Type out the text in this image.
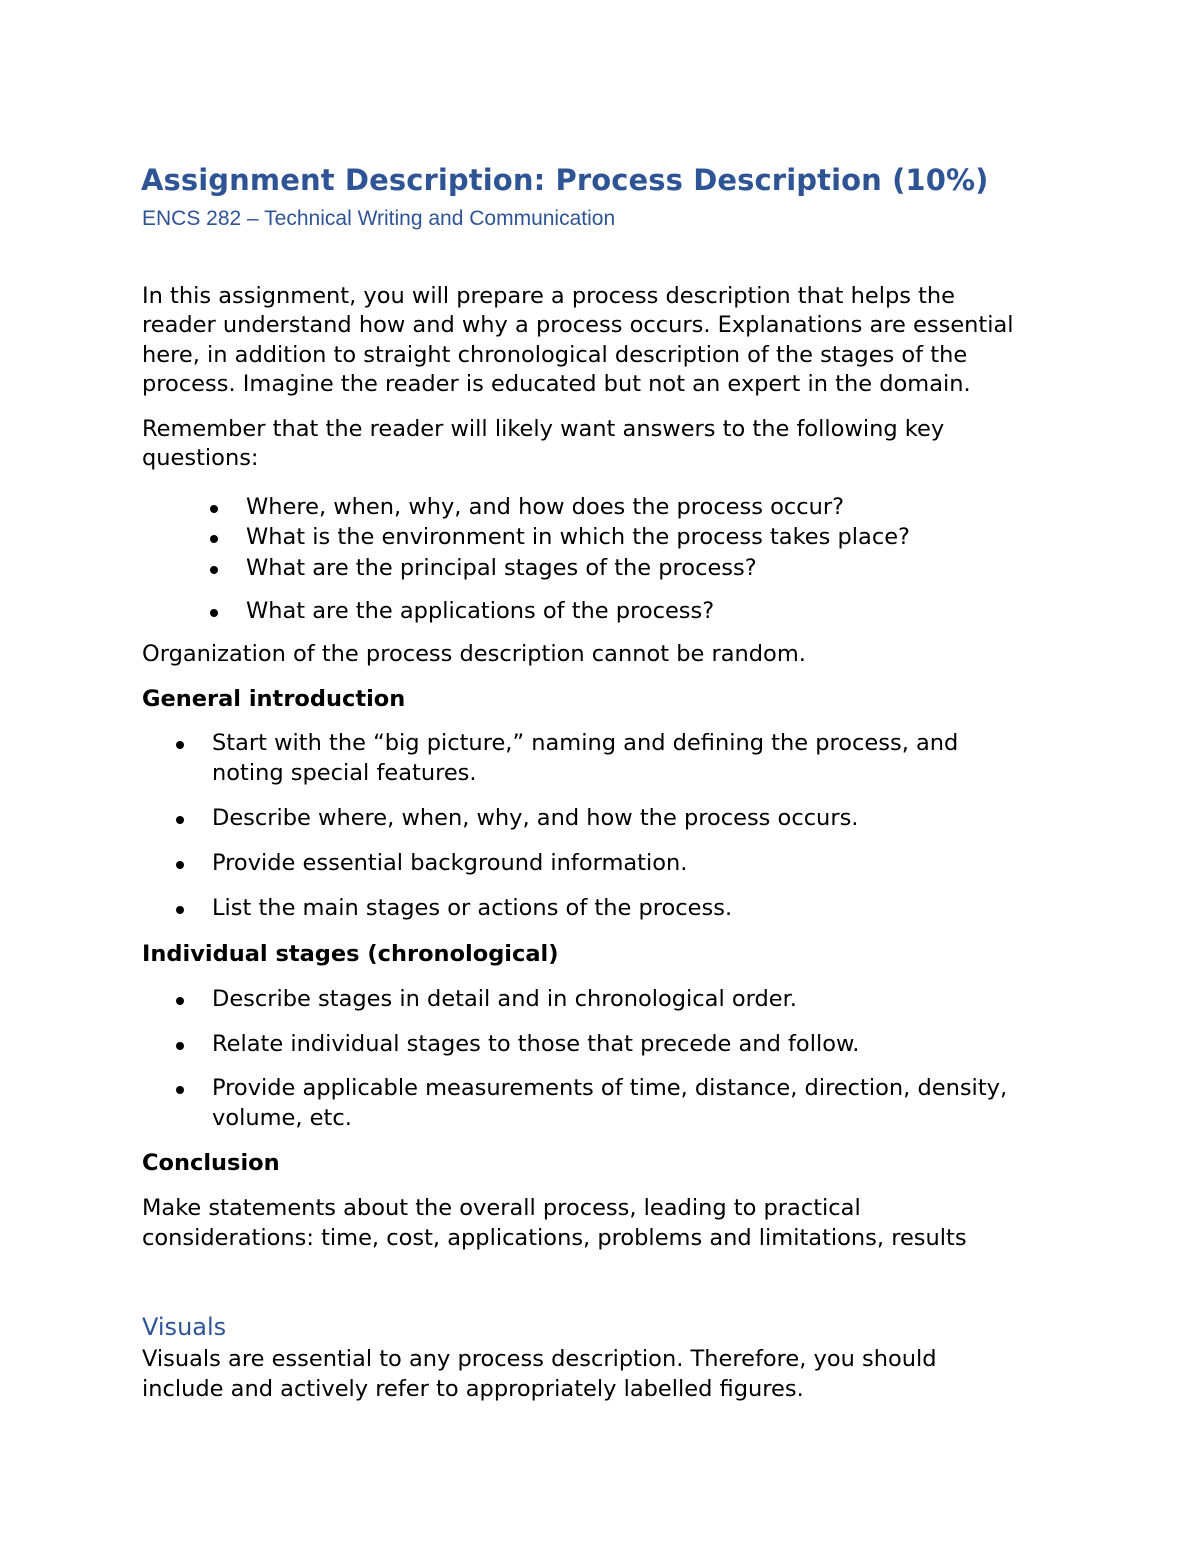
Assignment Description: Process Description (10%)
ENCS 282 – Technical Writing and Communication
In this assignment, you will prepare a process description that helps the
reader understand how and why a process occurs. Explanations are essential
here, in addition to straight chronological description of the stages of the
process. Imagine the reader is educated but not an expert in the domain.
Remember that the reader will likely want answers to the following key
questions:
Where, when, why, and how does the process occur?
What is the environment in which the process takes place?
What are the principal stages of the process?
What are the applications of the process?
Organization of the process description cannot be random.
General introduction
Start with the “big picture,” naming and defining the process, and
noting special features.
Describe where, when, why, and how the process occurs.
Provide essential background information.
List the main stages or actions of the process.
Individual stages (chronological)
Describe stages in detail and in chronological order.
Relate individual stages to those that precede and follow.
Provide applicable measurements of time, distance, direction, density,
volume, etc.
Conclusion
Make statements about the overall process, leading to practical
considerations: time, cost, applications, problems and limitations, results
Visuals
Visuals are essential to any process description. Therefore, you should
include and actively refer to appropriately labelled figures.
